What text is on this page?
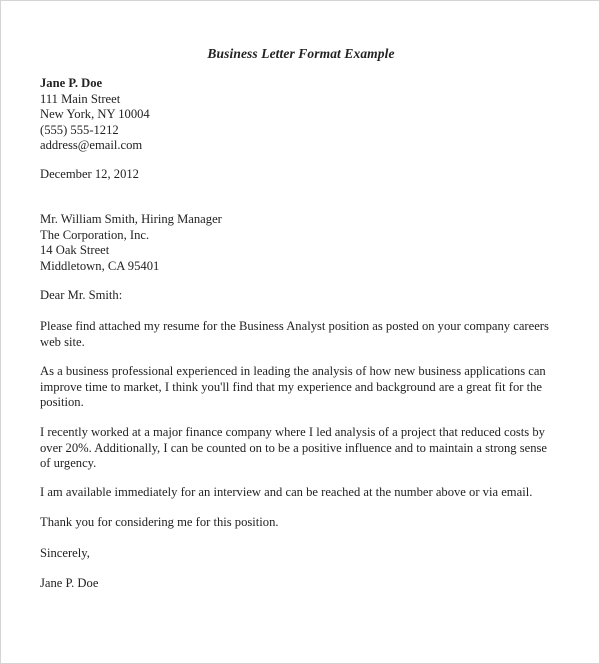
Business Letter Format Example
Jane P. Doe
111 Main Street
New York, NY 10004
(555) 555-1212
address@email.com
December 12, 2012
Mr. William Smith, Hiring Manager
The Corporation, Inc.
14 Oak Street
Middletown, CA 95401
Dear Mr. Smith:

Please find attached my resume for the Business Analyst position as posted on your company careers
web site.

As a business professional experienced in leading the analysis of how new business applications can
improve time to market, I think you'll find that my experience and background are a great fit for the
position.

I recently worked at a major finance company where I led analysis of a project that reduced costs by
over 20%. Additionally, I can be counted on to be a positive influence and to maintain a strong sense
of urgency.

I am available immediately for an interview and can be reached at the number above or via email.

Thank you for considering me for this position.

Sincerely,
Jane P. Doe
